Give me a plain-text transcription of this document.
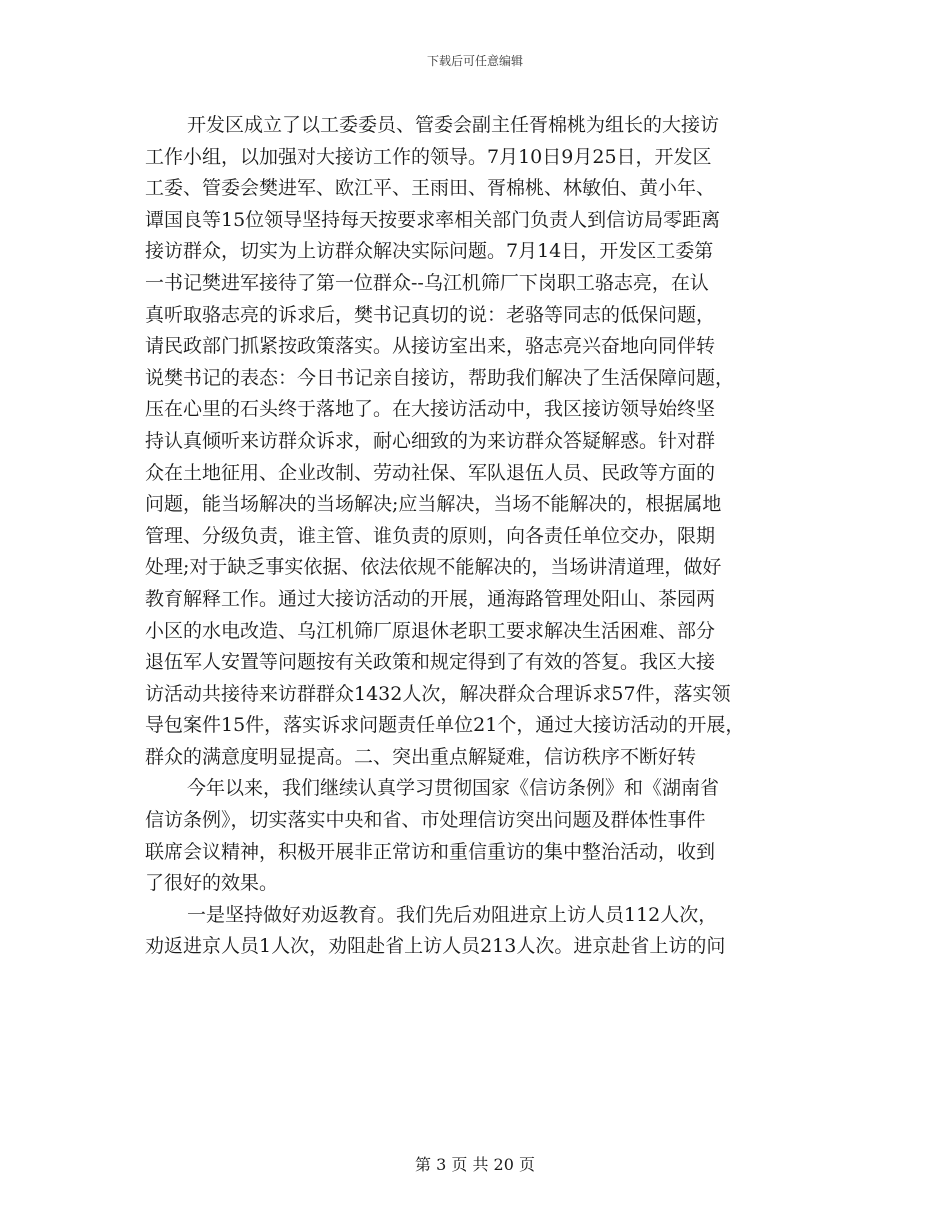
下载后可任意编辑
开发区成立了以工委委员、管委会副主任胥棉桃为组长的大接访
工作小组，以加强对大接访工作的领导。7月10日9月25日，开发区
工委、管委会樊进军、欧江平、王雨田、胥棉桃、林敏伯、黄小年、
谭国良等15位领导坚持每天按要求率相关部门负责人到信访局零距离
接访群众，切实为上访群众解决实际问题。7月14日，开发区工委第
一书记樊进军接待了第一位群众--乌江机筛厂下岗职工骆志亮，在认
真听取骆志亮的诉求后，樊书记真切的说：老骆等同志的低保问题，
请民政部门抓紧按政策落实。从接访室出来，骆志亮兴奋地向同伴转
说樊书记的表态：今日书记亲自接访，帮助我们解决了生活保障问题，
压在心里的石头终于落地了。在大接访活动中，我区接访领导始终坚
持认真倾听来访群众诉求，耐心细致的为来访群众答疑解惑。针对群
众在土地征用、企业改制、劳动社保、军队退伍人员、民政等方面的
问题，能当场解决的当场解决;应当解决，当场不能解决的，根据属地
管理、分级负责，谁主管、谁负责的原则，向各责任单位交办，限期
处理;对于缺乏事实依据、依法依规不能解决的，当场讲清道理，做好
教育解释工作。通过大接访活动的开展，通海路管理处阳山、茶园两
小区的水电改造、乌江机筛厂原退休老职工要求解决生活困难、部分
退伍军人安置等问题按有关政策和规定得到了有效的答复。我区大接
访活动共接待来访群群众1432人次，解决群众合理诉求57件，落实领
导包案件15件，落实诉求问题责任单位21个，通过大接访活动的开展，
群众的满意度明显提高。二、突出重点解疑难，信访秩序不断好转
今年以来，我们继续认真学习贯彻国家《信访条例》和《湖南省
信访条例》，切实落实中央和省、市处理信访突出问题及群体性事件
联席会议精神，积极开展非正常访和重信重访的集中整治活动，收到
了很好的效果。
一是坚持做好劝返教育。我们先后劝阻进京上访人员112人次，
劝返进京人员1人次，劝阻赴省上访人员213人次。进京赴省上访的问
第 3 页 共 20 页
